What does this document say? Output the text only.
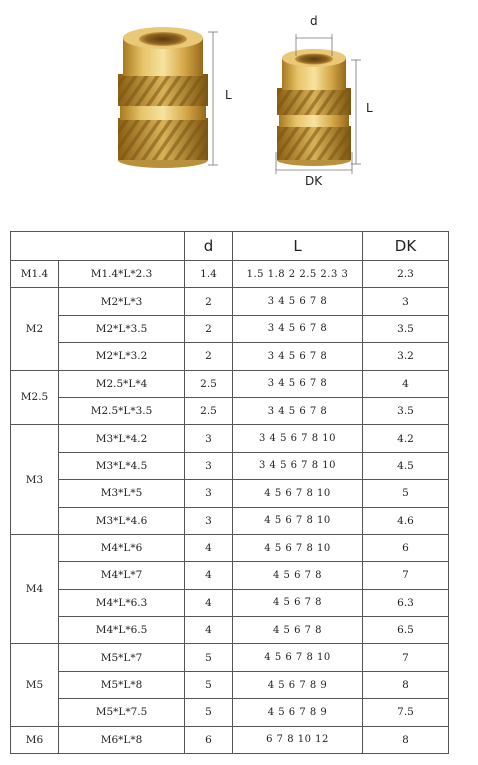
L
d
L
DK
		d	L	DK
M1.4	M1.4*L*2.3	1.4	1.5 1.8 2 2.5 2.3 3	2.3
M2	M2*L*3	2	3 4 5 6 7 8	3
	M2*L*3.5	2	3 4 5 6 7 8	3.5
	M2*L*3.2	2	3 4 5 6 7 8	3.2
M2.5	M2.5*L*4	2.5	3 4 5 6 7 8	4
	M2.5*L*3.5	2.5	3 4 5 6 7 8	3.5
M3	M3*L*4.2	3	3 4 5 6 7 8 10	4.2
	M3*L*4.5	3	3 4 5 6 7 8 10	4.5
	M3*L*5	3	4 5 6 7 8 10	5
	M3*L*4.6	3	4 5 6 7 8 10	4.6
M4	M4*L*6	4	4 5 6 7 8 10	6
	M4*L*7	4	4 5 6 7 8	7
	M4*L*6.3	4	4 5 6 7 8	6.3
	M4*L*6.5	4	4 5 6 7 8	6.5
M5	M5*L*7	5	4 5 6 7 8 10	7
	M5*L*8	5	4 5 6 7 8 9	8
	M5*L*7.5	5	4 5 6 7 8 9	7.5
M6	M6*L*8	6	6 7 8 10 12	8
